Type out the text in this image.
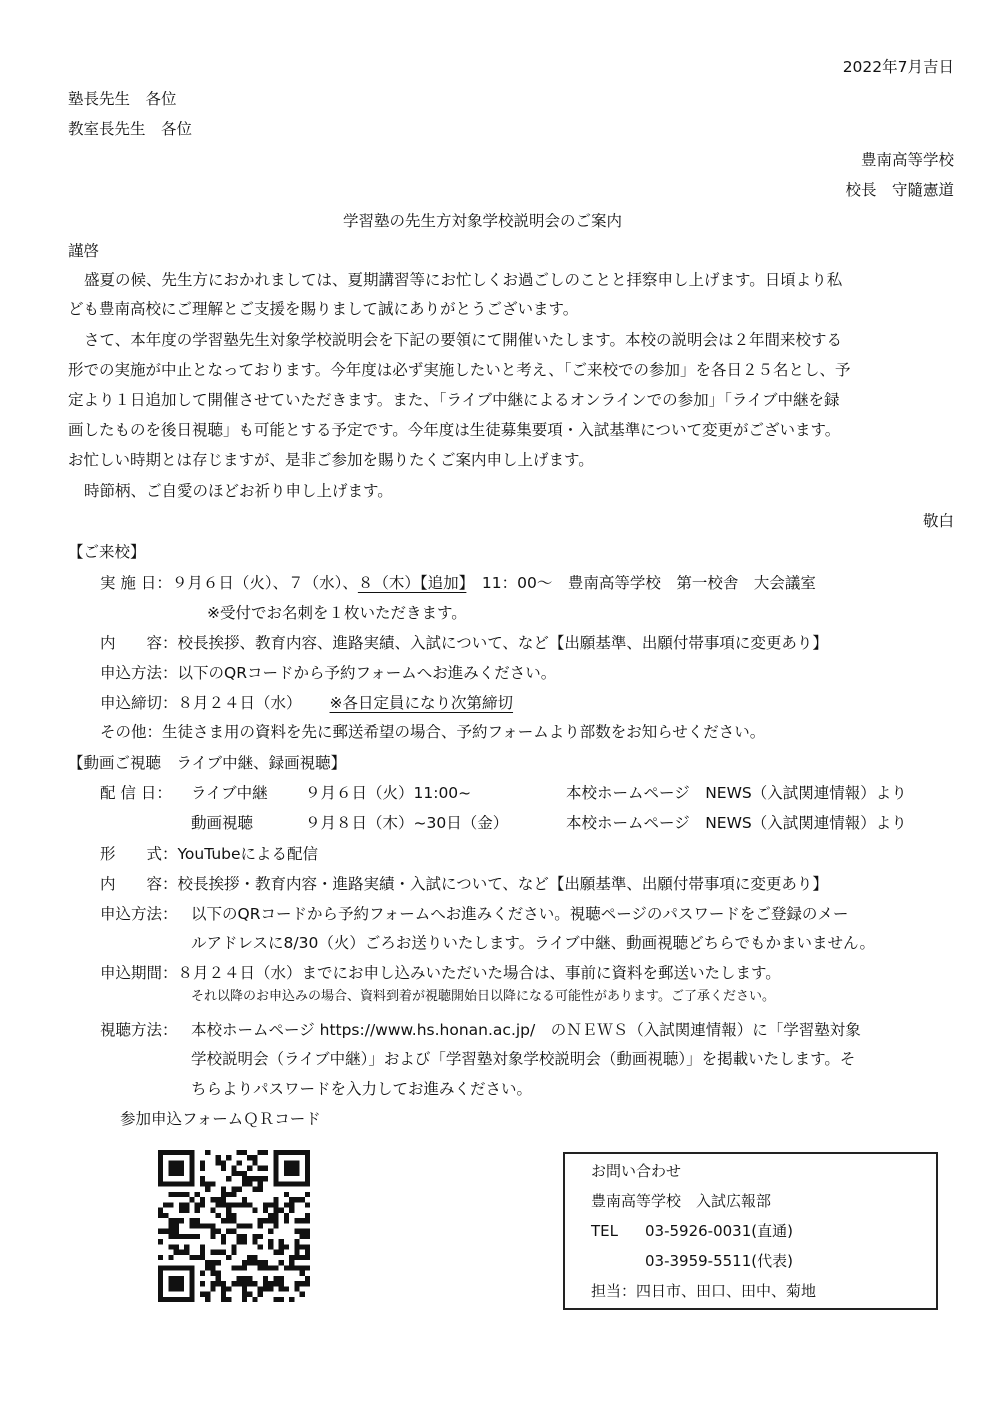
2022年7月吉日
塾長先生　各位
教室長先生　各位
豊南高等学校
校長　守隨憲道
学習塾の先生方対象学校説明会のご案内
謹啓
盛夏の候、先生方におかれましては、夏期講習等にお忙しくお過ごしのことと拝察申し上げます。日頃より私
ども豊南高校にご理解とご支援を賜りまして誠にありがとうございます。
さて、本年度の学習塾先生対象学校説明会を下記の要領にて開催いたします。本校の説明会は２年間来校する
形での実施が中止となっております。今年度は必ず実施したいと考え、「ご来校での参加」を各日２５名とし、予
定より１日追加して開催させていただきます。また、「ライブ中継によるオンラインでの参加」「ライブ中継を録
画したものを後日視聴」も可能とする予定です。今年度は生徒募集要項・入試基準について変更がございます。
お忙しい時期とは存じますが、是非ご参加を賜りたくご案内申し上げます。
時節柄、ご自愛のほどお祈り申し上げます。
敬白
【ご来校】
実 施 日：９月６日（火）、７（水）、８（木）【追加】　11：00～　豊南高等学校　第一校舎　大会議室
※受付でお名刺を１枚いただきます。
内　　容：校長挨拶、教育内容、進路実績、入試について、など【出願基準、出願付帯事項に変更あり】
申込方法：以下のQRコードから予約フォームへお進みください。
申込締切：８月２４日（水） ※各日定員になり次第締切
その他：生徒さま用の資料を先に郵送希望の場合、予約フォームより部数をお知らせください。
【動画ご視聴　ライブ中継、録画視聴】
配 信 日： ライブ中継 ９月６日（火）11:00~	本校ホームページ　NEWS（入試関連情報）より
動画視聴	９月８日（木）~30日（金）	本校ホームページ　NEWS（入試関連情報）より
形　　式：YouTubeによる配信
内　　容：校長挨拶・教育内容・進路実績・入試について、など【出願基準、出願付帯事項に変更あり】
申込方法： 以下のQRコードから予約フォームへお進みください。視聴ページのパスワードをご登録のメー
ルアドレスに8/30（火）ごろお送りいたします。ライブ中継、動画視聴どちらでもかまいません。
申込期間：８月２４日（水）までにお申し込みいただいた場合は、事前に資料を郵送いたします。
それ以降のお申込みの場合、資料到着が視聴開始日以降になる可能性があります。ご了承ください。
視聴方法： 本校ホームページ https://www.hs.honan.ac.jp/　のＮＥＷＳ（入試関連情報）に「学習塾対象
学校説明会（ライブ中継）」および「学習塾対象学校説明会（動画視聴）」を掲載いたします。そ
ちらよりパスワードを入力してお進みください。
参加申込フォームＱＲコード
お問い合わせ
豊南高等学校　入試広報部
TEL 03-5926-0031(直通)
03-3959-5511(代表)
担当：四日市、田口、田中、菊地
